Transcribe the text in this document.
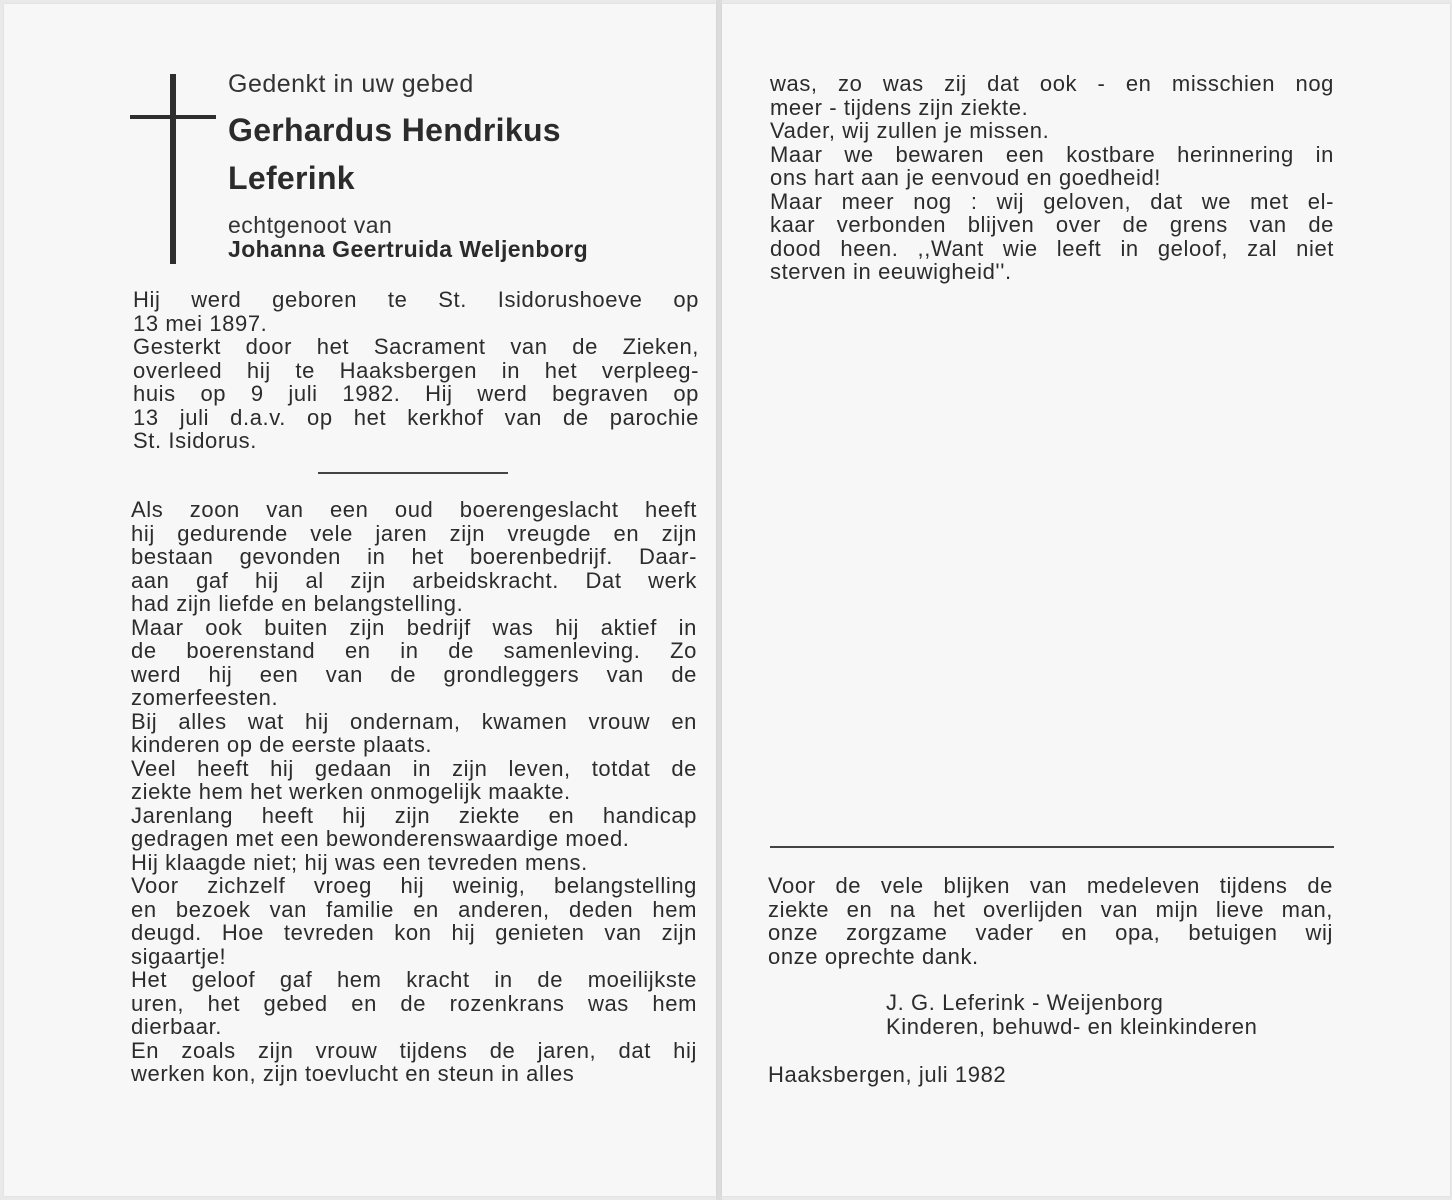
Gedenkt in uw gebed
Gerhardus Hendrikus
Leferink
echtgenoot van
Johanna Geertruida Weljenborg
Hij werd geboren te St. Isidorushoeve op
13 mei 1897.
Gesterkt door het Sacrament van de Zieken,
overleed hij te Haaksbergen in het verpleeg-
huis op 9 juli 1982. Hij werd begraven op
13 juli d.a.v. op het kerkhof van de parochie
St. Isidorus.
Als zoon van een oud boerengeslacht heeft
hij gedurende vele jaren zijn vreugde en zijn
bestaan gevonden in het boerenbedrijf. Daar-
aan gaf hij al zijn arbeidskracht. Dat werk
had zijn liefde en belangstelling.
Maar ook buiten zijn bedrijf was hij aktief in
de boerenstand en in de samenleving. Zo
werd hij een van de grondleggers van de
zomerfeesten.
Bij alles wat hij ondernam, kwamen vrouw en
kinderen op de eerste plaats.
Veel heeft hij gedaan in zijn leven, totdat de
ziekte hem het werken onmogelijk maakte.
Jarenlang heeft hij zijn ziekte en handicap
gedragen met een bewonderenswaardige moed.
Hij klaagde niet; hij was een tevreden mens.
Voor zichzelf vroeg hij weinig, belangstelling
en bezoek van familie en anderen, deden hem
deugd. Hoe tevreden kon hij genieten van zijn
sigaartje!
Het geloof gaf hem kracht in de moeilijkste
uren, het gebed en de rozenkrans was hem
dierbaar.
En zoals zijn vrouw tijdens de jaren, dat hij
werken kon, zijn toevlucht en steun in alles
was, zo was zij dat ook - en misschien nog
meer - tijdens zijn ziekte.
Vader, wij zullen je missen.
Maar we bewaren een kostbare herinnering in
ons hart aan je eenvoud en goedheid!
Maar meer nog : wij geloven, dat we met el-
kaar verbonden blijven over de grens van de
dood heen. ,,Want wie leeft in geloof, zal niet
sterven in eeuwigheid''.
Voor de vele blijken van medeleven tijdens de
ziekte en na het overlijden van mijn lieve man,
onze zorgzame vader en opa, betuigen wij
onze oprechte dank.
J. G. Leferink - Weijenborg
Kinderen, behuwd- en kleinkinderen
Haaksbergen, juli 1982
